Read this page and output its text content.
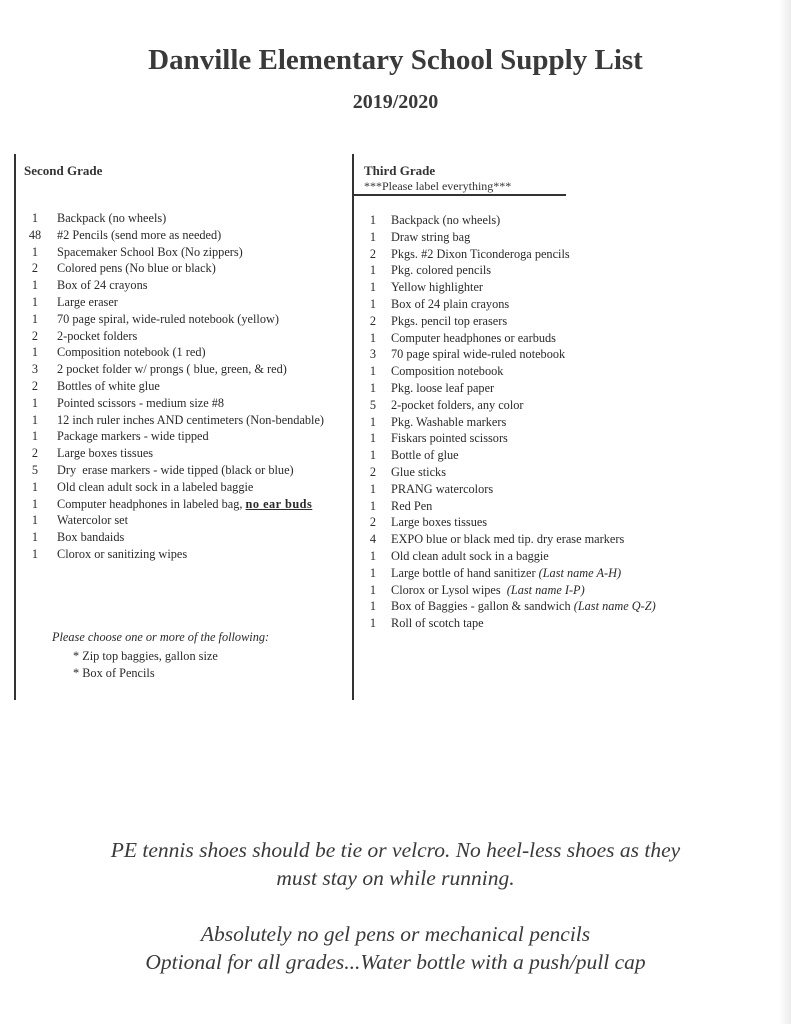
Danville Elementary School Supply List
2019/2020
Second Grade	Third Grade
***Please label everything***
1	Backpack (no wheels)
48	#2 Pencils (send more as needed)
1	Spacemaker School Box (No zippers)
2	Colored pens (No blue or black)
1	Box of 24 crayons
1	Large eraser
1	70 page spiral, wide-ruled notebook (yellow)
2	2-pocket folders
1	Composition notebook (1 red)
3	2 pocket folder w/ prongs ( blue, green, & red)
2	Bottles of white glue
1	Pointed scissors - medium size #8
1	12 inch ruler inches AND centimeters (Non-bendable)
1	Package markers - wide tipped
2	Large boxes tissues
5	Dry  erase markers - wide tipped (black or blue)
1	Old clean adult sock in a labeled baggie
1	Computer headphones in labeled bag, no ear buds
1	Watercolor set
1	Box bandaids
1	Clorox or sanitizing wipes
1	Backpack (no wheels)
1	Draw string bag
2	Pkgs. #2 Dixon Ticonderoga pencils
1	Pkg. colored pencils
1	Yellow highlighter
1	Box of 24 plain crayons
2	Pkgs. pencil top erasers
1	Computer headphones or earbuds
3	70 page spiral wide-ruled notebook
1	Composition notebook
1	Pkg. loose leaf paper
5	2-pocket folders, any color
1	Pkg. Washable markers
1	Fiskars pointed scissors
1	Bottle of glue
2	Glue sticks
1	PRANG watercolors
1	Red Pen
2	Large boxes tissues
4	EXPO blue or black med tip. dry erase markers
1	Old clean adult sock in a baggie
1	Large bottle of hand sanitizer (Last name A-H)
1	Clorox or Lysol wipes  (Last name I-P)
1	Box of Baggies - gallon & sandwich (Last name Q-Z)
1	Roll of scotch tape
Please choose one or more of the following:
* Zip top baggies, gallon size
* Box of Pencils
PE tennis shoes should be tie or velcro. No heel-less shoes as they
must stay on while running.
Absolutely no gel pens or mechanical pencils
Optional for all grades...Water bottle with a push/pull cap
